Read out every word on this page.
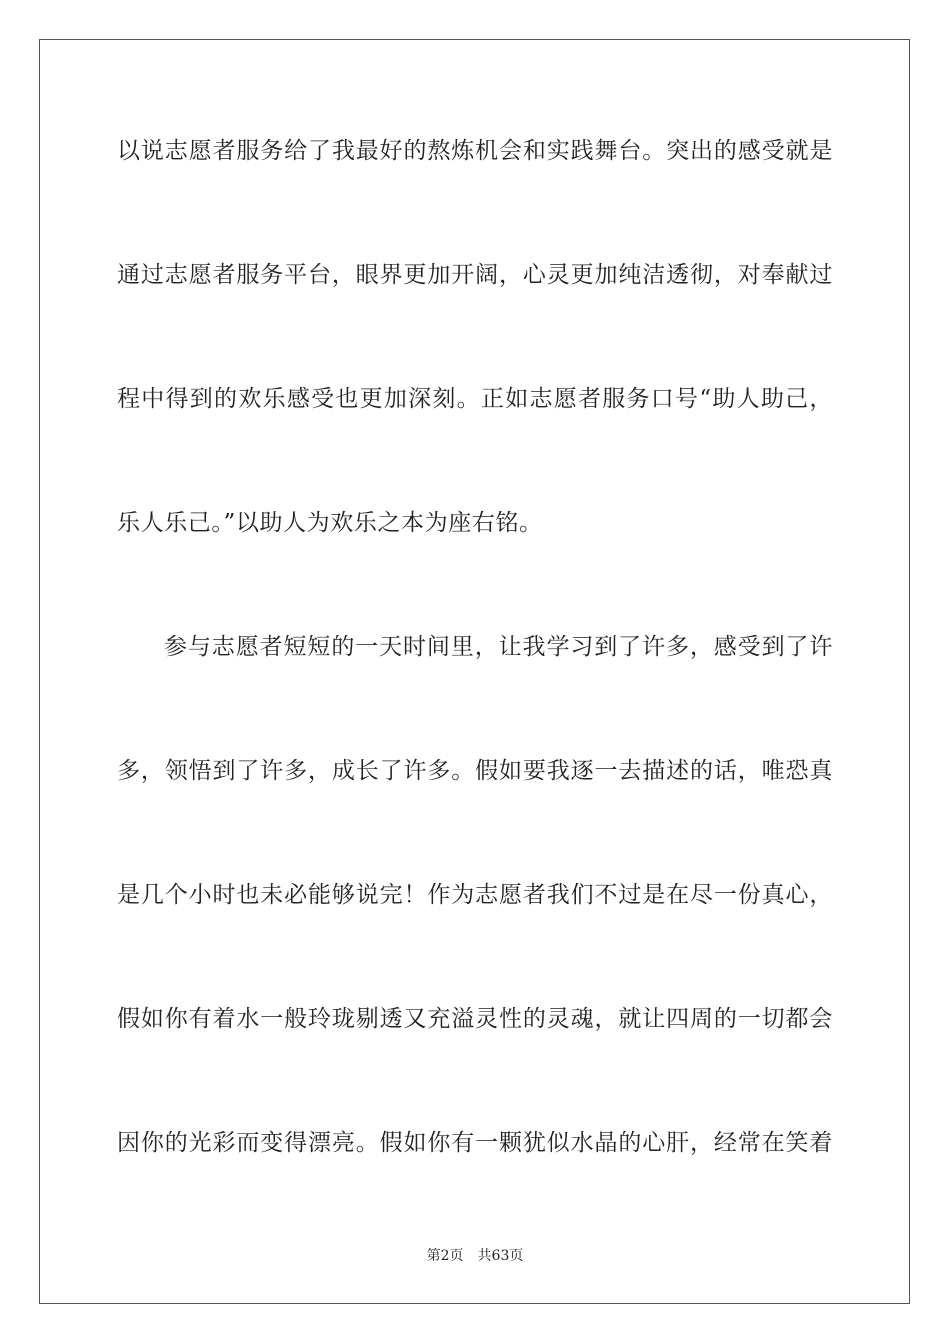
以说志愿者服务给了我最好的熬炼机会和实践舞台。突出的感受就是
通过志愿者服务平台，眼界更加开阔，心灵更加纯洁透彻，对奉献过
程中得到的欢乐感受也更加深刻。正如志愿者服务口号“助人助己，
乐人乐己。”以助人为欢乐之本为座右铭。
参与志愿者短短的一天时间里，让我学习到了许多，感受到了许
多，领悟到了许多，成长了许多。假如要我逐一去描述的话，唯恐真
是几个小时也未必能够说完！作为志愿者我们不过是在尽一份真心，
假如你有着水一般玲珑剔透又充溢灵性的灵魂，就让四周的一切都会
因你的光彩而变得漂亮。假如你有一颗犹似水晶的心肝，经常在笑着
第2页 共63页
